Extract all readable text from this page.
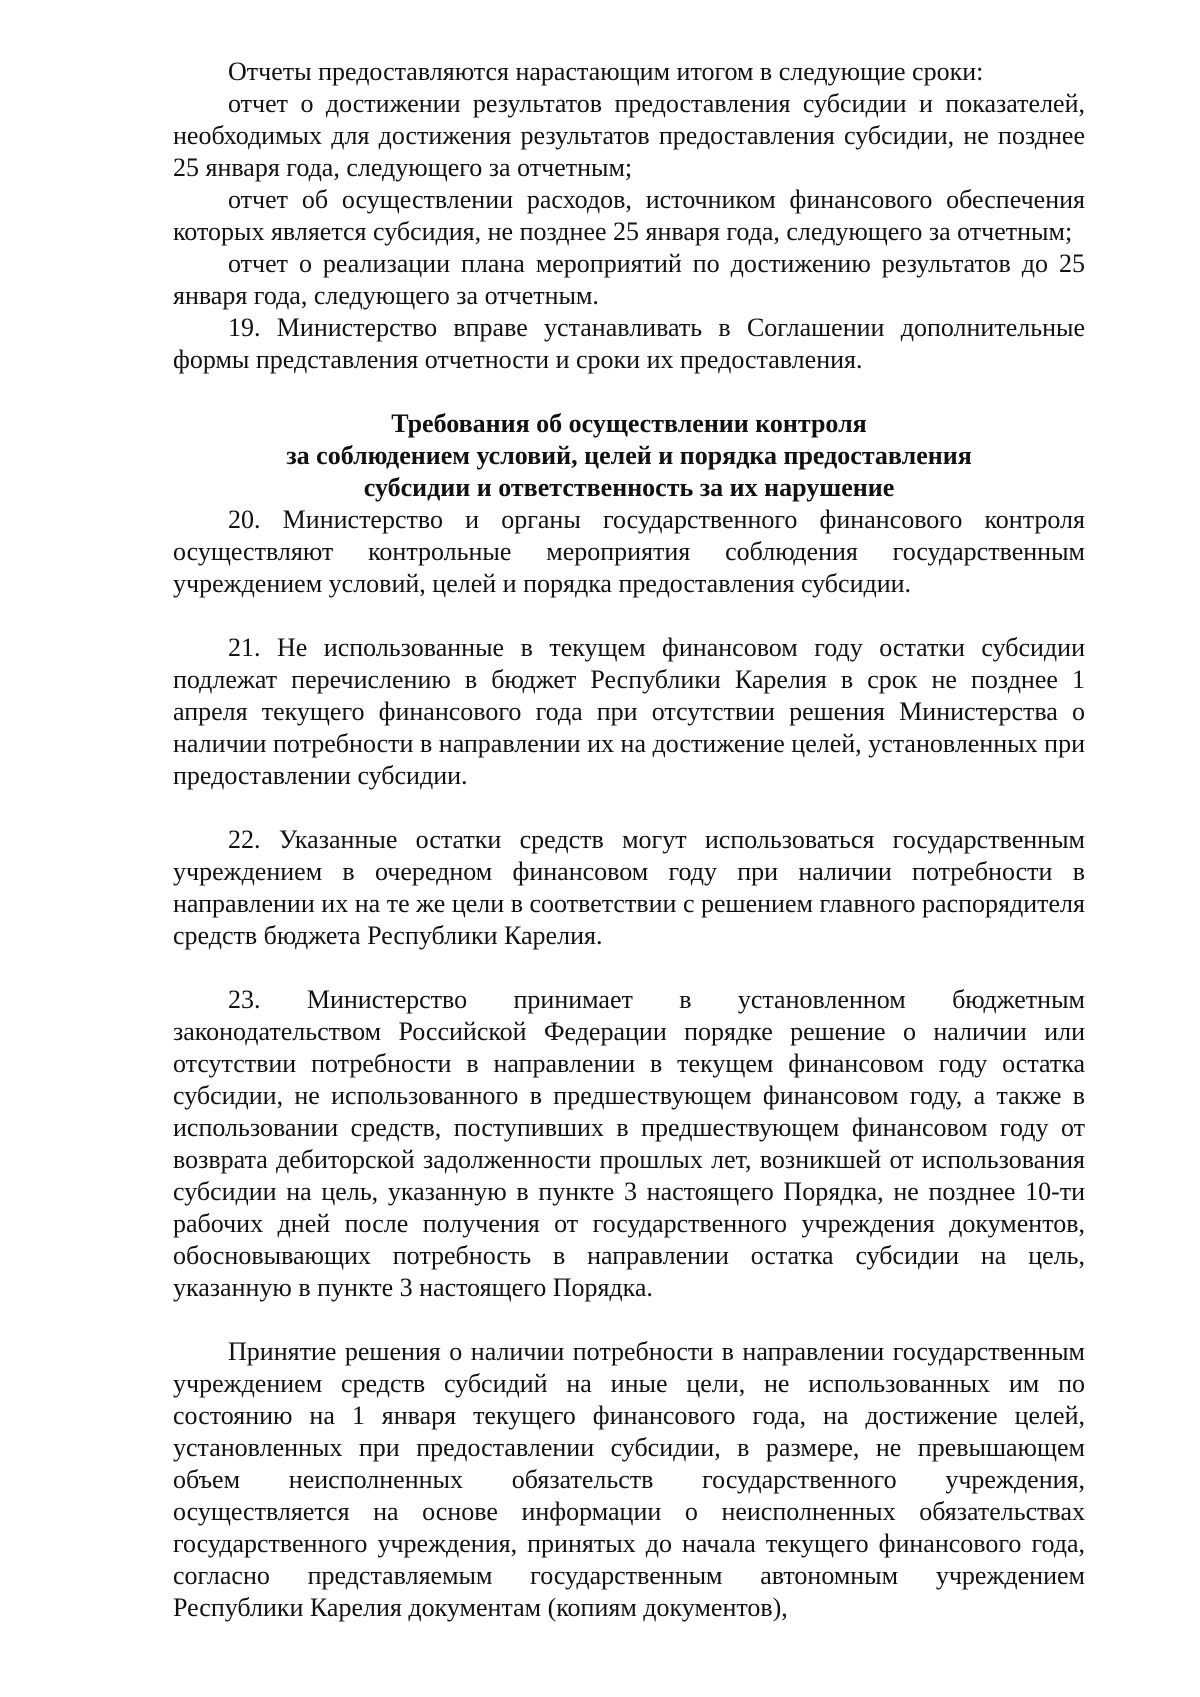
Отчеты предоставляются нарастающим итогом в следующие сроки:

отчет о достижении результатов предоставления субсидии и показателей, необходимых для достижения результатов предоставления субсидии, не позднее 25 января года, следующего за отчетным;

отчет об осуществлении расходов, источником финансового обеспечения которых является субсидия, не позднее 25 января года, следующего за отчетным;

отчет о реализации плана мероприятий по достижению результатов до 25 января года, следующего за отчетным.

19. Министерство вправе устанавливать в Соглашении дополнительные формы представления отчетности и сроки их предоставления.

Требования об осуществлении контроля
за соблюдением условий, целей и порядка предоставления
субсидии и ответственность за их нарушение

20. Министерство и органы государственного финансового контроля осуществляют контрольные мероприятия соблюдения государственным учреждением условий, целей и порядка предоставления субсидии.

21. Не использованные в текущем финансовом году остатки субсидии подлежат перечислению в бюджет Республики Карелия в срок не позднее 1 апреля текущего финансового года при отсутствии решения Министерства о наличии потребности в направлении их на достижение целей, установленных при предоставлении субсидии.

22. Указанные остатки средств могут использоваться государственным учреждением в очередном финансовом году при наличии потребности в направлении их на те же цели в соответствии с решением главного распорядителя средств бюджета Республики Карелия.

23. Министерство принимает в установленном бюджетным законодательством Российской Федерации порядке решение о наличии или отсутствии потребности в направлении в текущем финансовом году остатка субсидии, не использованного в предшествующем финансовом году, а также в использовании средств, поступивших в предшествующем финансовом году от возврата дебиторской задолженности прошлых лет, возникшей от использования субсидии на цель, указанную в пункте 3 настоящего Порядка, не позднее 10-ти рабочих дней после получения от государственного учреждения документов, обосновывающих потребность в направлении остатка субсидии на цель, указанную в пункте 3 настоящего Порядка.

Принятие решения о наличии потребности в направлении государственным учреждением средств субсидий на иные цели, не использованных им по состоянию на 1 января текущего финансового года, на достижение целей, установленных при предоставлении субсидии, в размере, не превышающем объем неисполненных обязательств государственного учреждения, осуществляется на основе информации о неисполненных обязательствах государственного учреждения, принятых до начала текущего финансового года, согласно представляемым государственным автономным учреждением Республики Карелия документам (копиям документов),
